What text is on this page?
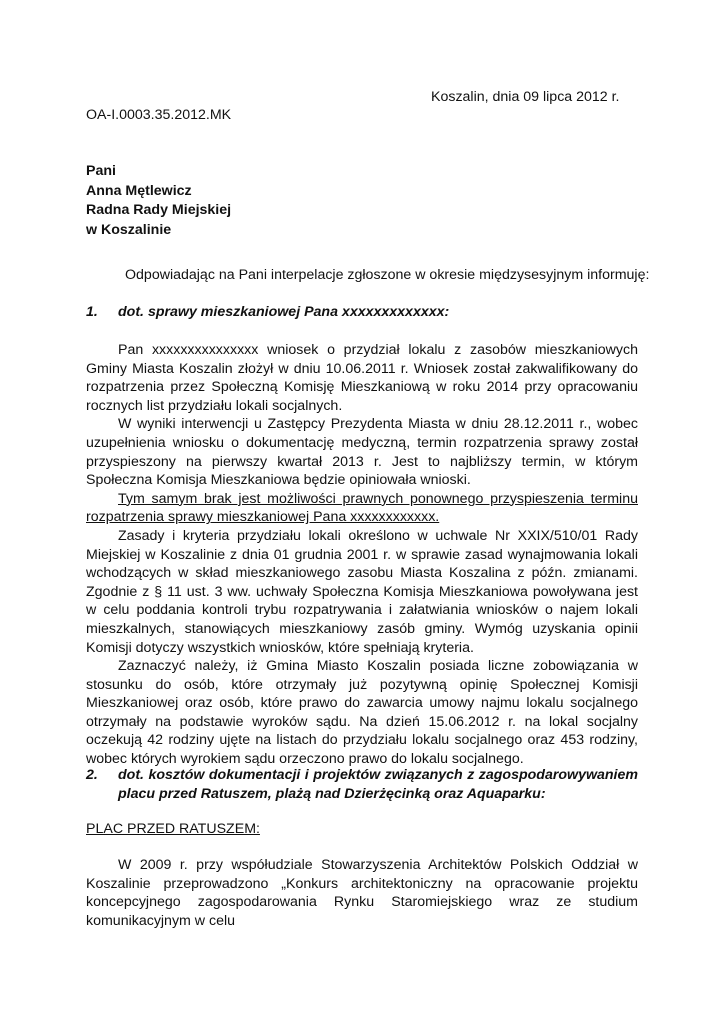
Koszalin, dnia 09 lipca 2012 r.
OA-I.0003.35.2012.MK
Pani
Anna Mętlewicz
Radna Rady Miejskiej
w Koszalinie
Odpowiadając na Pani interpelacje zgłoszone w okresie międzysesyjnym informuję:
1. dot. sprawy mieszkaniowej Pana xxxxxxxxxxxxx:

Pan xxxxxxxxxxxxxxx wniosek o przydział lokalu z zasobów mieszkaniowych Gminy Miasta Koszalin złożył w dniu 10.06.2011 r. Wniosek został zakwalifikowany do rozpatrzenia przez Społeczną Komisję Mieszkaniową w roku 2014 przy opracowaniu rocznych list przydziału lokali socjalnych.

W wyniki interwencji u Zastępcy Prezydenta Miasta w dniu 28.12.2011 r., wobec uzupełnienia wniosku o dokumentację medyczną, termin rozpatrzenia sprawy został przyspieszony na pierwszy kwartał 2013 r. Jest to najbliższy termin, w którym Społeczna Komisja Mieszkaniowa będzie opiniowała wnioski.

Tym samym brak jest możliwości prawnych ponownego przyspieszenia terminu rozpatrzenia sprawy mieszkaniowej Pana xxxxxxxxxxxx.

Zasady i kryteria przydziału lokali określono w uchwale Nr XXIX/510/01 Rady Miejskiej w Koszalinie z dnia 01 grudnia 2001 r. w sprawie zasad wynajmowania lokali wchodzących w skład mieszkaniowego zasobu Miasta Koszalina z późn. zmianami. Zgodnie z § 11 ust. 3 ww. uchwały Społeczna Komisja Mieszkaniowa powoływana jest w celu poddania kontroli trybu rozpatrywania i załatwiania wniosków o najem lokali mieszkalnych, stanowiących mieszkaniowy zasób gminy. Wymóg uzyskania opinii Komisji dotyczy wszystkich wniosków, które spełniają kryteria.

Zaznaczyć należy, iż Gmina Miasto Koszalin posiada liczne zobowiązania w stosunku do osób, które otrzymały już pozytywną opinię Społecznej Komisji Mieszkaniowej oraz osób, które prawo do zawarcia umowy najmu lokalu socjalnego otrzymały na podstawie wyroków sądu. Na dzień 15.06.2012 r. na lokal socjalny oczekują 42 rodziny ujęte na listach do przydziału lokalu socjalnego oraz 453 rodziny, wobec których wyrokiem sądu orzeczono prawo do lokalu socjalnego.

2. dot. kosztów dokumentacji i projektów związanych z zagospodarowywaniem placu przed Ratuszem, plażą nad Dzierżęcinką oraz Aquaparku:
PLAC PRZED RATUSZEM:

W 2009 r. przy współudziale Stowarzyszenia Architektów Polskich Oddział w Koszalinie przeprowadzono „Konkurs architektoniczny na opracowanie projektu koncepcyjnego zagospodarowania Rynku Staromiejskiego wraz ze studium komunikacyjnym w celu
